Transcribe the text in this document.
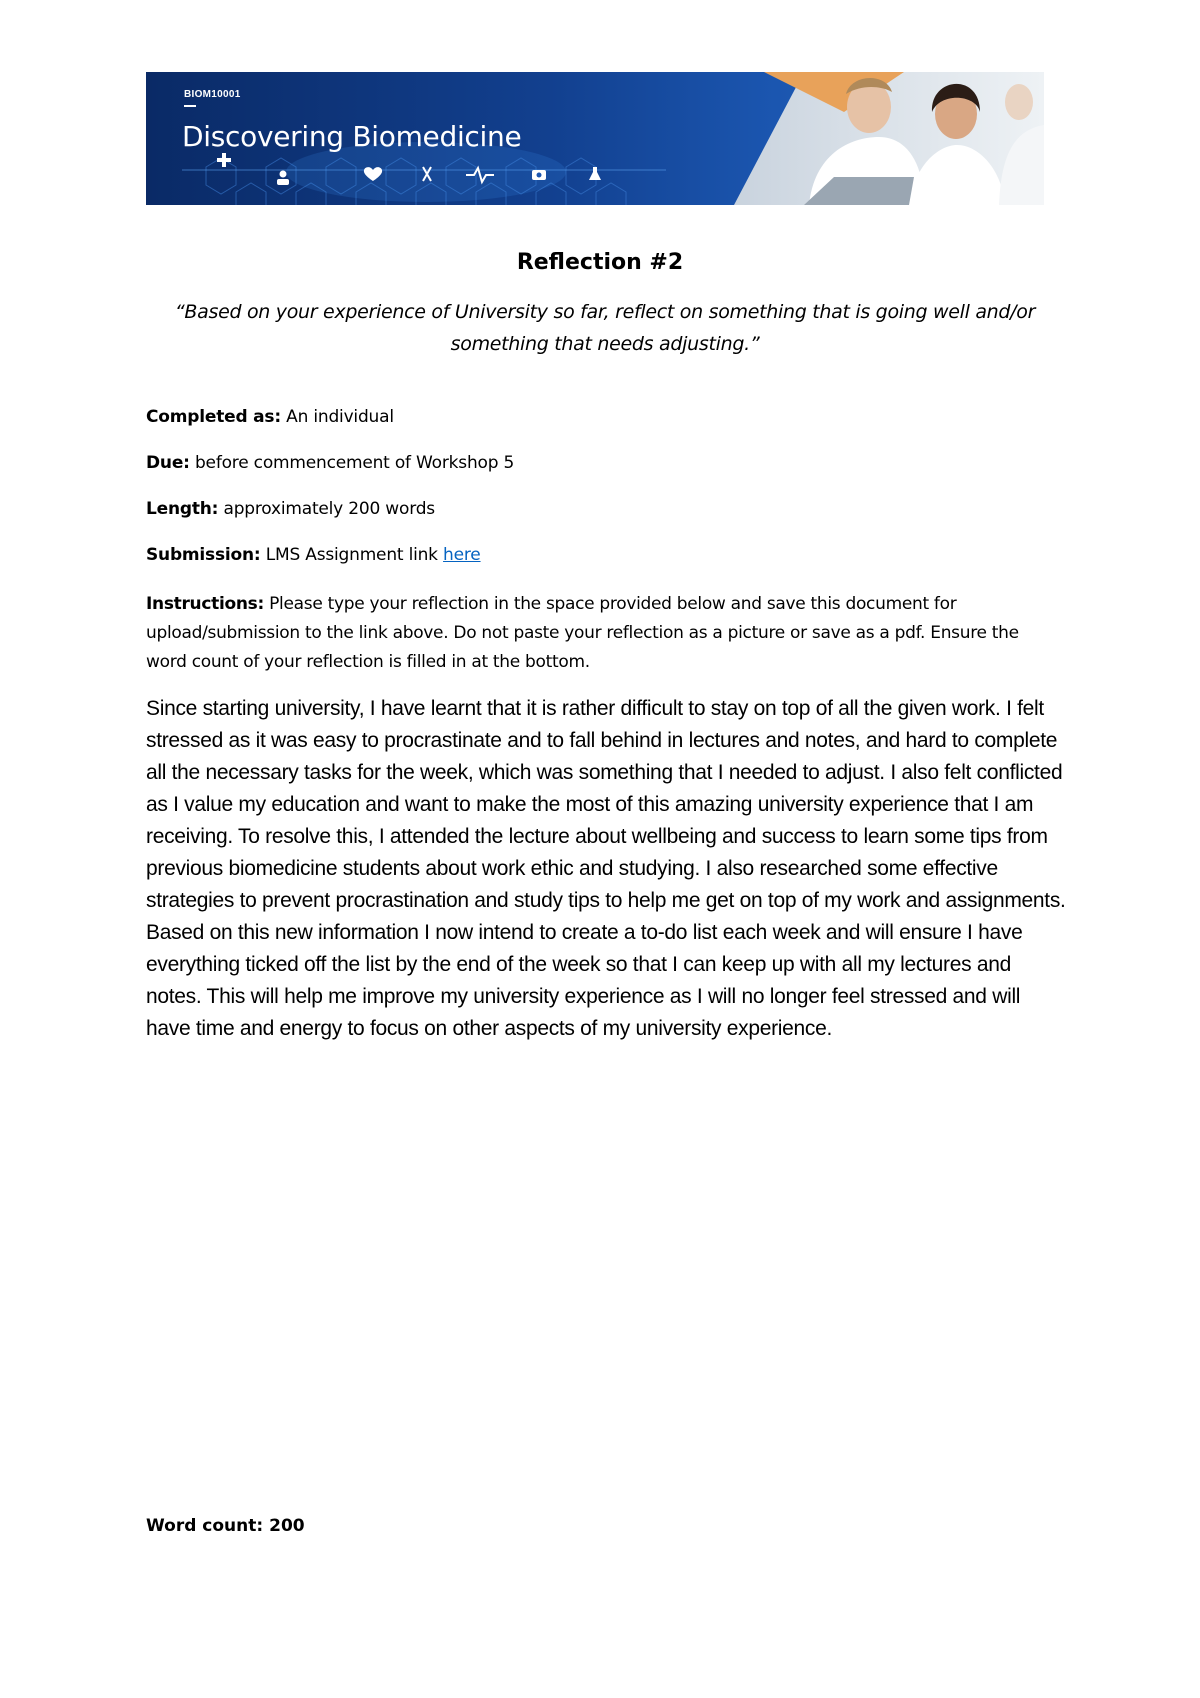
BIOM10001
Discovering Biomedicine
Reflection #2
“Based on your experience of University so far, reflect on something that is going well and/or something that needs adjusting.”
Completed as: An individual
Due: before commencement of Workshop 5
Length: approximately 200 words
Submission: LMS Assignment link here
Instructions: Please type your reflection in the space provided below and save this document for upload/submission to the link above. Do not paste your reflection as a picture or save as a pdf. Ensure the word count of your reflection is filled in at the bottom.
Since starting university, I have learnt that it is rather difficult to stay on top of all the given work. I felt stressed as it was easy to procrastinate and to fall behind in lectures and notes, and hard to complete all the necessary tasks for the week, which was something that I needed to adjust. I also felt conflicted as I value my education and want to make the most of this amazing university experience that I am receiving. To resolve this, I attended the lecture about wellbeing and success to learn some tips from previous biomedicine students about work ethic and studying. I also researched some effective strategies to prevent procrastination and study tips to help me get on top of my work and assignments. Based on this new information I now intend to create a to-do list each week and will ensure I have everything ticked off the list by the end of the week so that I can keep up with all my lectures and notes. This will help me improve my university experience as I will no longer feel stressed and will have time and energy to focus on other aspects of my university experience.
Word count: 200
